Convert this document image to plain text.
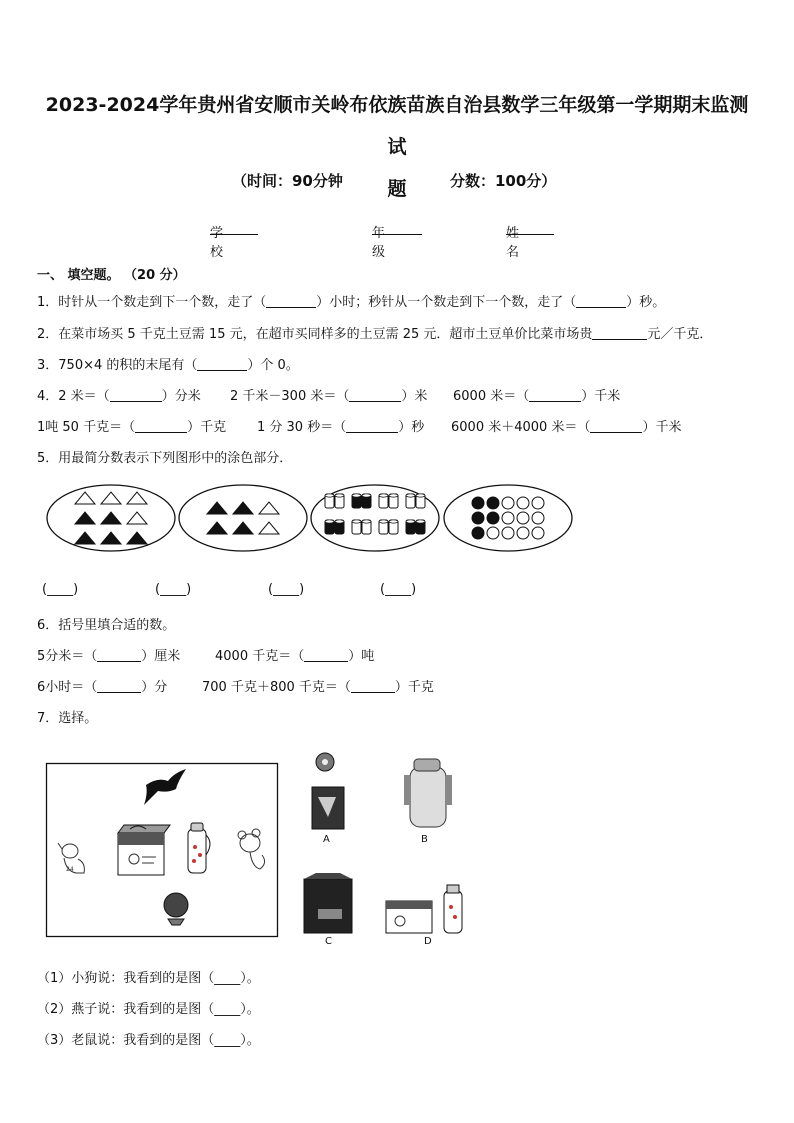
2023-2024学年贵州省安顺市关岭布依族苗族自治县数学三年级第一学期期末监测试
题
（时间：90分钟	分数：100分）
学校
年级
姓名
一、 填空题。 （20 分）
1．时针从一个数走到下一个数，走了（	）小时；秒针从一个数走到下一个数，走了（	）秒。
2．在菜市场买 5 千克土豆需 15 元，在超市买同样多的土豆需 25 元．超市土豆单价比菜市场贵	元／千克．
3．750×4 的积的末尾有（	）个 0。
4．2 米＝（	）分米 2 千米－300 米＝（	）米 6000 米＝（	）千米
1吨 50 千克＝（	）千克 1 分 30 秒＝（	）秒 6000 米＋4000 米＝（	）千米
5．用最简分数表示下列图形中的涂色部分．
(____)	(____)	(____)	(____)
6．括号里填合适的数。
5分米＝（	）厘米	4000 千克＝（	）吨
6小时＝（	）分	700 千克＋800 千克＝（	）千克
7．选择。
24
A	B
C	D
（1）小狗说：我看到的是图（____）。
（2）燕子说：我看到的是图（____）。
（3）老鼠说：我看到的是图（____）。
